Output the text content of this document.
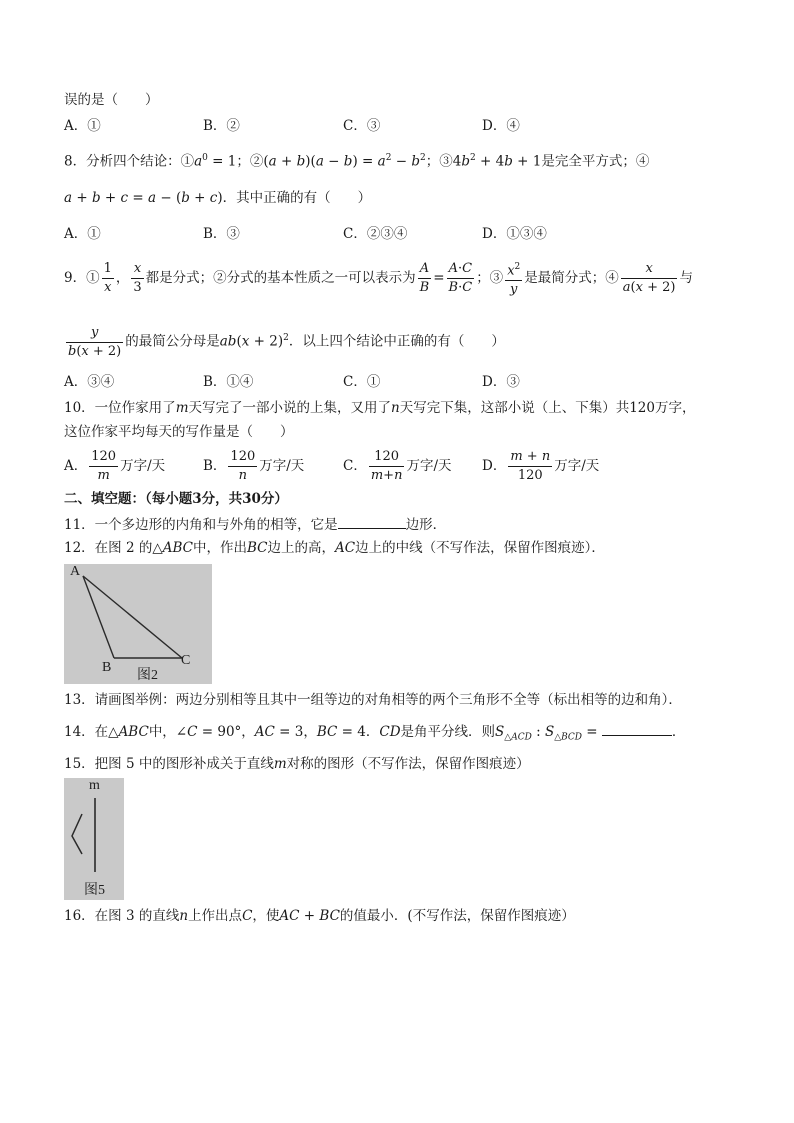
误的是（　　）
A．①	B．②	C．③	D．④
8．分析四个结论：$①a^0 = 1$；②(a + $b)(a - b) = a^2 - b^2$；$③4b^2 + 4b + 1$是完全平方式；④
a + b + c = a − (b + c)．其中正确的有（　　）
A．①	B．③	C．②③④	D．①③④
9．① $\frac{1}{x}$ ， $\frac{x}{3}$ 都是分式；②分式的基本性质之一可以表示为 $\frac{A}{B} = \frac{A\cdot C}{B\cdot C}$ ；③ $\frac{x^2}{y}$ 是最简分式；④ $\frac{x}{a(x + 2)}$ 与
$\frac{y}{b(x + 2)}$ 的最简公分母是$ab(x + 2)^2$．以上四个结论中正确的有（　　）
A．③④	B．①④	C．①	D．③
10．一位作家用了m天写完了一部小说的上集，又用了n天写完下集，这部小说（上、下集）共120万字，
这位作家平均每天的写作量是（　　）
A． $\frac{120}{m}$ 万字/天	B． $\frac{120}{n}$ 万字/天	C． $\frac{120}{m+n}$ 万字/天 D． $\frac{m + n}{120}$ 万字/天
二、填空题：（每小题3分，共30分）
11．一个多边形的内角和与外角的相等，它是	边形．
12．在图 2 的△ABC中，作出BC边上的高，AC边上的中线（不写作法，保留作图痕迹）．
A
B	C
图2
13．请画图举例：两边分别相等且其中一组等边的对角相等的两个三角形不全等（标出相等的边和角）．
14．在△ABC中，∠C = 90°，AC = 3，BC = 4．CD是角平分线．则$S_{\triangle ACD}$ : $S_{\triangle BCD}$ =	．
15．把图 5 中的图形补成关于直线m对称的图形（不写作法，保留作图痕迹）
m
图5
16．在图 3 的直线n上作出点C，使AC + BC的值最小．(不写作法，保留作图痕迹）
